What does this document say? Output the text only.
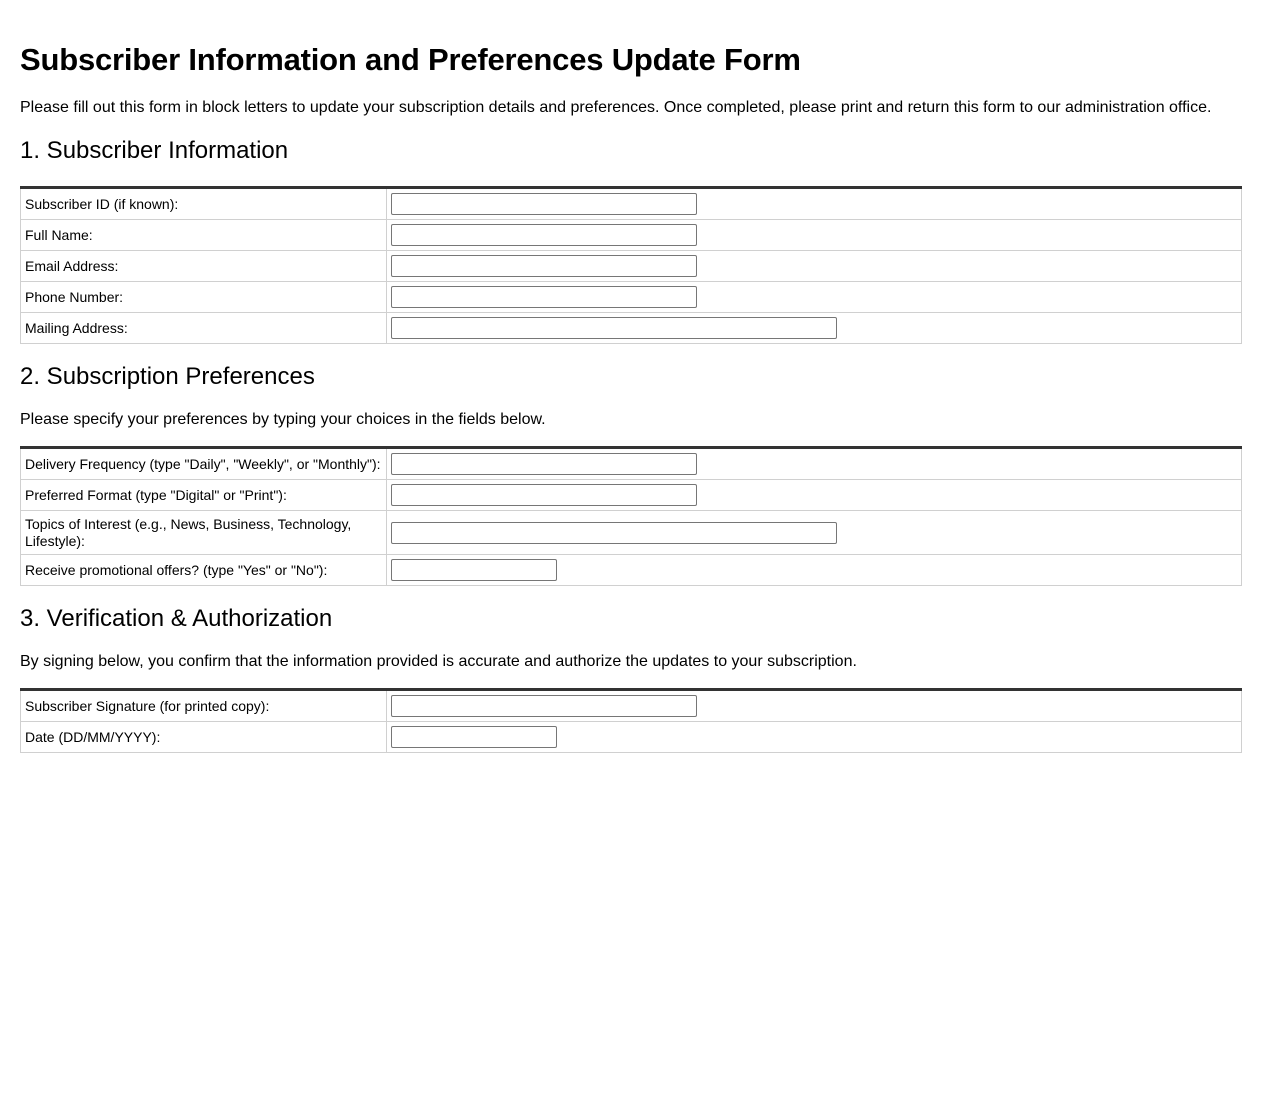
Subscriber Information and Preferences Update Form

Please fill out this form in block letters to update your subscription details and preferences. Once completed, please print and return this form to our administration office.

1. Subscriber Information
Subscriber ID (if known):	

Full Name:	

Email Address:	

Phone Number:	

Mailing Address:	
2. Subscription Preferences

Please specify your preferences by typing your choices in the fields below.

Delivery Frequency (type "Daily", "Weekly", or "Monthly"):	

Preferred Format (type "Digital" or "Print"):	

Topics of Interest (e.g., News, Business, Technology, Lifestyle):	

Receive promotional offers? (type "Yes" or "No"):	
3. Verification & Authorization

By signing below, you confirm that the information provided is accurate and authorize the updates to your subscription.

Subscriber Signature (for printed copy):	

Date (DD/MM/YYYY):	
